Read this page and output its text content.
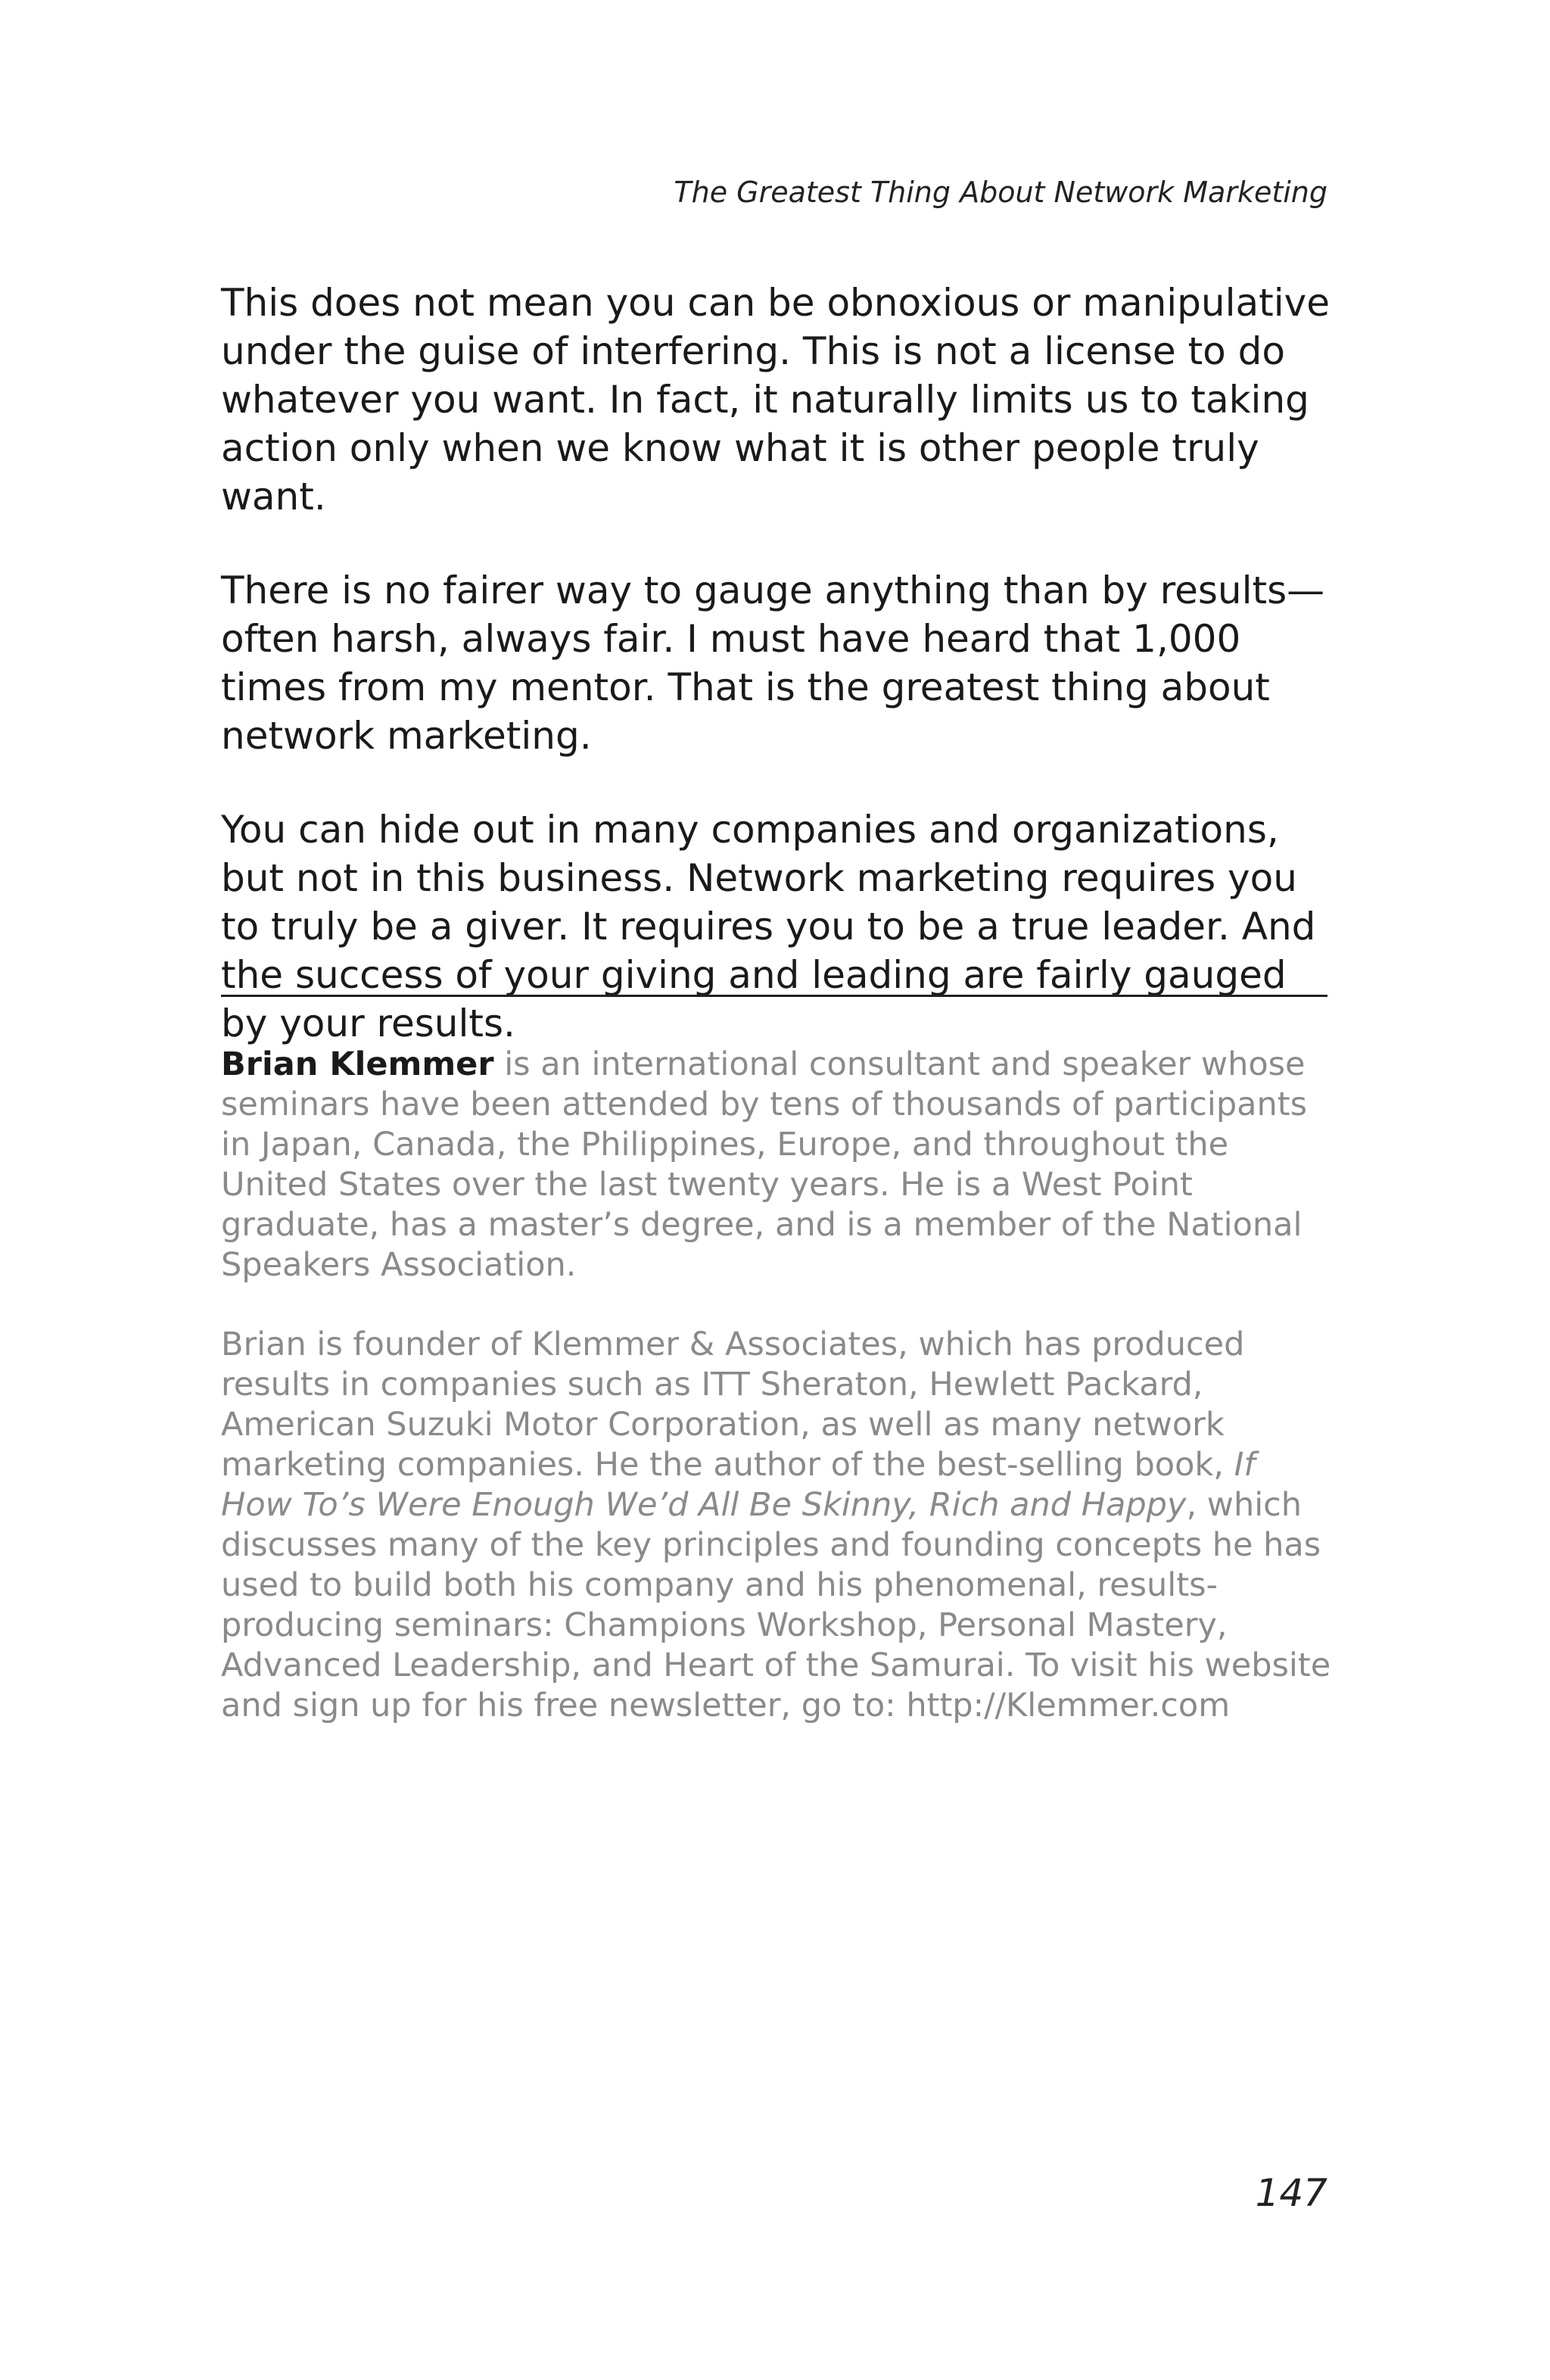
The Greatest Thing About Network Marketing

This does not mean you can be obnoxious or manipulative under the guise of interfering. This is not a license to do whatever you want. In fact, it naturally limits us to taking action only when we know what it is other people truly want.

There is no fairer way to gauge anything than by results—often harsh, always fair. I must have heard that 1,000 times from my mentor. That is the greatest thing about network marketing.

You can hide out in many companies and organizations, but not in this business. Network marketing requires you to truly be a giver. It requires you to be a true leader. And the success of your giving and leading are fairly gauged by your results.

Brian Klemmer is an international consultant and speaker whose seminars have been attended by tens of thousands of participants in Japan, Canada, the Philippines, Europe, and throughout the United States over the last twenty years. He is a West Point graduate, has a master’s degree, and is a member of the National Speakers Association.

Brian is founder of Klemmer & Associates, which has produced results in companies such as ITT Sheraton, Hewlett Packard, American Suzuki Motor Corporation, as well as many network marketing companies. He the author of the best-selling book, If How To’s Were Enough We’d All Be Skinny, Rich and Happy, which discusses many of the key principles and founding concepts he has used to build both his company and his phenomenal, results-producing seminars: Champions Workshop, Personal Mastery, Advanced Leadership, and Heart of the Samurai. To visit his website and sign up for his free newsletter, go to: http://Klemmer.com

147
